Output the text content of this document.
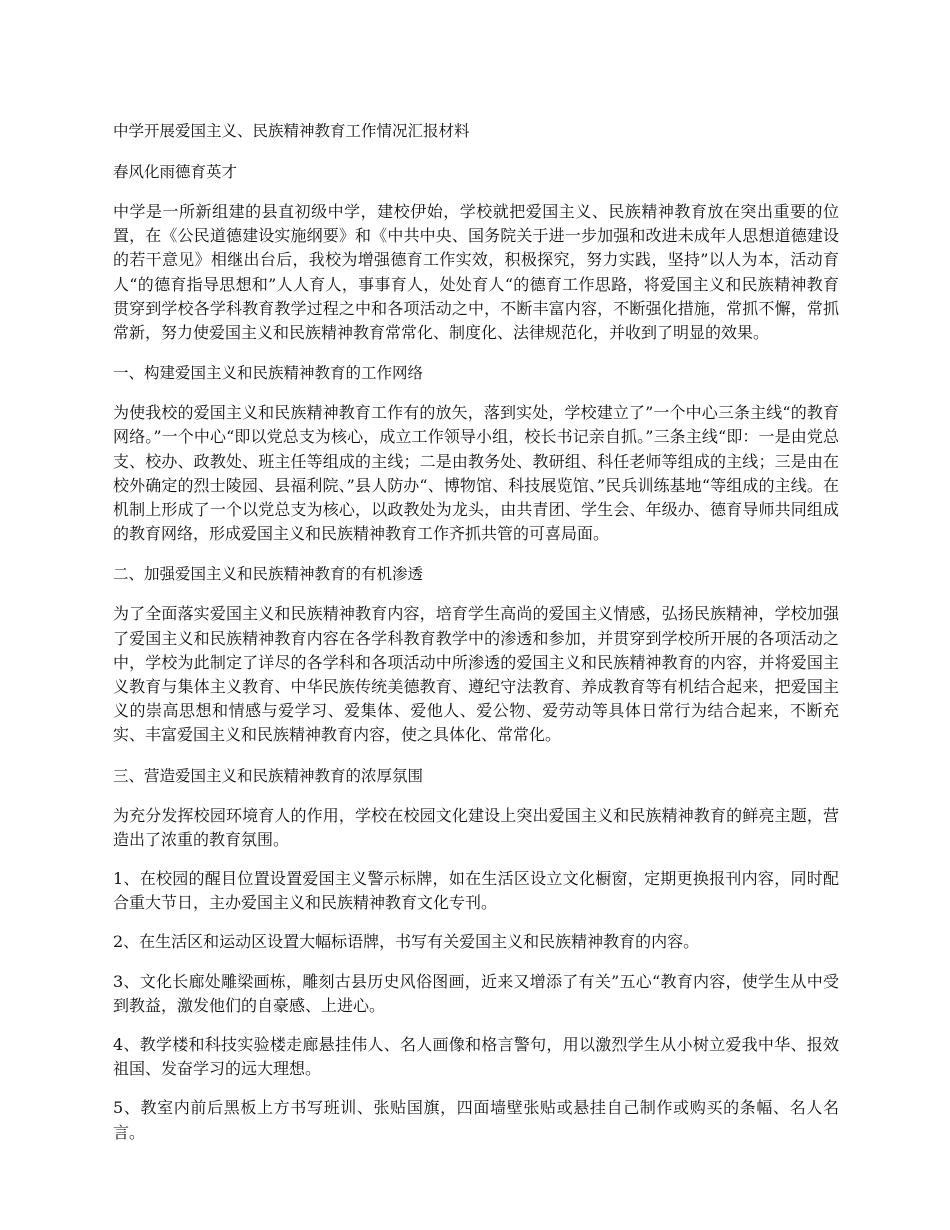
中学开展爱国主义、民族精神教育工作情况汇报材料
春风化雨德育英才

中学是一所新组建的县直初级中学，建校伊始，学校就把爱国主义、民族精神教育放在突出重要的位置，在《公民道德建设实施纲要》和《中共中央、国务院关于进一步加强和改进未成年人思想道德建设的若干意见》相继出台后，我校为增强德育工作实效，积极探究，努力实践，坚持”以人为本，活动育人“的德育指导思想和”人人育人，事事育人，处处育人“的德育工作思路，将爱国主义和民族精神教育贯穿到学校各学科教育教学过程之中和各项活动之中，不断丰富内容，不断强化措施，常抓不懈，常抓常新，努力使爱国主义和民族精神教育常常化、制度化、法律规范化，并收到了明显的效果。

一、构建爱国主义和民族精神教育的工作网络

为使我校的爱国主义和民族精神教育工作有的放矢，落到实处，学校建立了”一个中心三条主线“的教育网络。”一个中心“即以党总支为核心，成立工作领导小组，校长书记亲自抓。”三条主线“即：一是由党总支、校办、政教处、班主任等组成的主线；二是由教务处、教研组、科任老师等组成的主线；三是由在校外确定的烈士陵园、县福利院、”县人防办“、博物馆、科技展览馆、”民兵训练基地“等组成的主线。在机制上形成了一个以党总支为核心，以政教处为龙头，由共青团、学生会、年级办、德育导师共同组成的教育网络，形成爱国主义和民族精神教育工作齐抓共管的可喜局面。

二、加强爱国主义和民族精神教育的有机渗透

为了全面落实爱国主义和民族精神教育内容，培育学生高尚的爱国主义情感，弘扬民族精神，学校加强了爱国主义和民族精神教育内容在各学科教育教学中的渗透和参加，并贯穿到学校所开展的各项活动之中，学校为此制定了详尽的各学科和各项活动中所渗透的爱国主义和民族精神教育的内容，并将爱国主义教育与集体主义教育、中华民族传统美德教育、遵纪守法教育、养成教育等有机结合起来，把爱国主义的崇高思想和情感与爱学习、爱集体、爱他人、爱公物、爱劳动等具体日常行为结合起来，不断充实、丰富爱国主义和民族精神教育内容，使之具体化、常常化。

三、营造爱国主义和民族精神教育的浓厚氛围

为充分发挥校园环境育人的作用，学校在校园文化建设上突出爱国主义和民族精神教育的鲜亮主题，营造出了浓重的教育氛围。

1、在校园的醒目位置设置爱国主义警示标牌，如在生活区设立文化橱窗，定期更换报刊内容，同时配合重大节日，主办爱国主义和民族精神教育文化专刊。

2、在生活区和运动区设置大幅标语牌，书写有关爱国主义和民族精神教育的内容。

3、文化长廊处雕梁画栋，雕刻古县历史风俗图画，近来又增添了有关”五心“教育内容，使学生从中受到教益，激发他们的自豪感、上进心。

4、教学楼和科技实验楼走廊悬挂伟人、名人画像和格言警句，用以激烈学生从小树立爱我中华、报效祖国、发奋学习的远大理想。

5、教室内前后黑板上方书写班训、张贴国旗，四面墙壁张贴或悬挂自己制作或购买的条幅、名人名言。
